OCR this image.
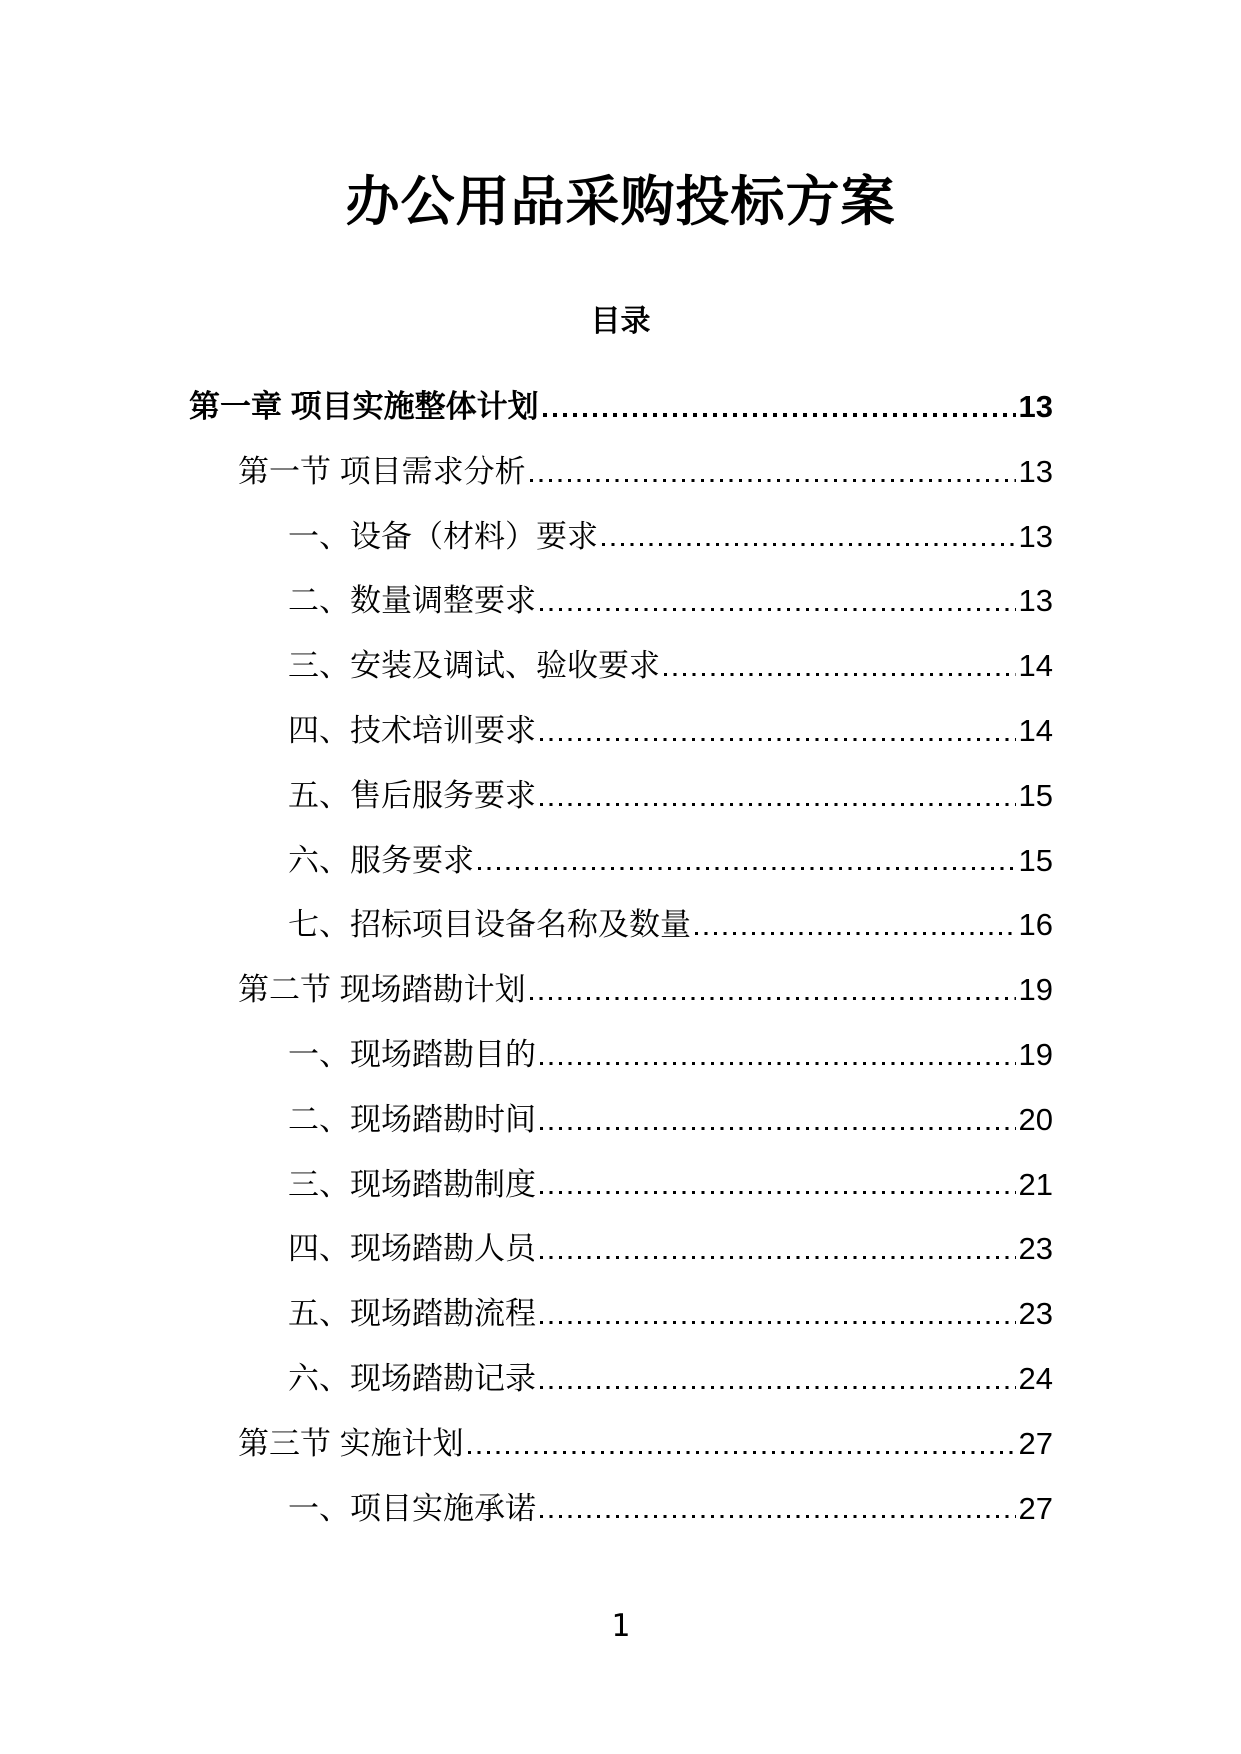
办公用品采购投标方案
目录
第一章 项目实施整体计划	13
第一节 项目需求分析	13
一、设备（材料）要求	13
二、数量调整要求	13
三、安装及调试、验收要求	14
四、技术培训要求	14
五、售后服务要求	15
六、服务要求	15
七、招标项目设备名称及数量	16
第二节 现场踏勘计划	19
一、现场踏勘目的	19
二、现场踏勘时间	20
三、现场踏勘制度	21
四、现场踏勘人员	23
五、现场踏勘流程	23
六、现场踏勘记录	24
第三节 实施计划	27
一、项目实施承诺	27
1
